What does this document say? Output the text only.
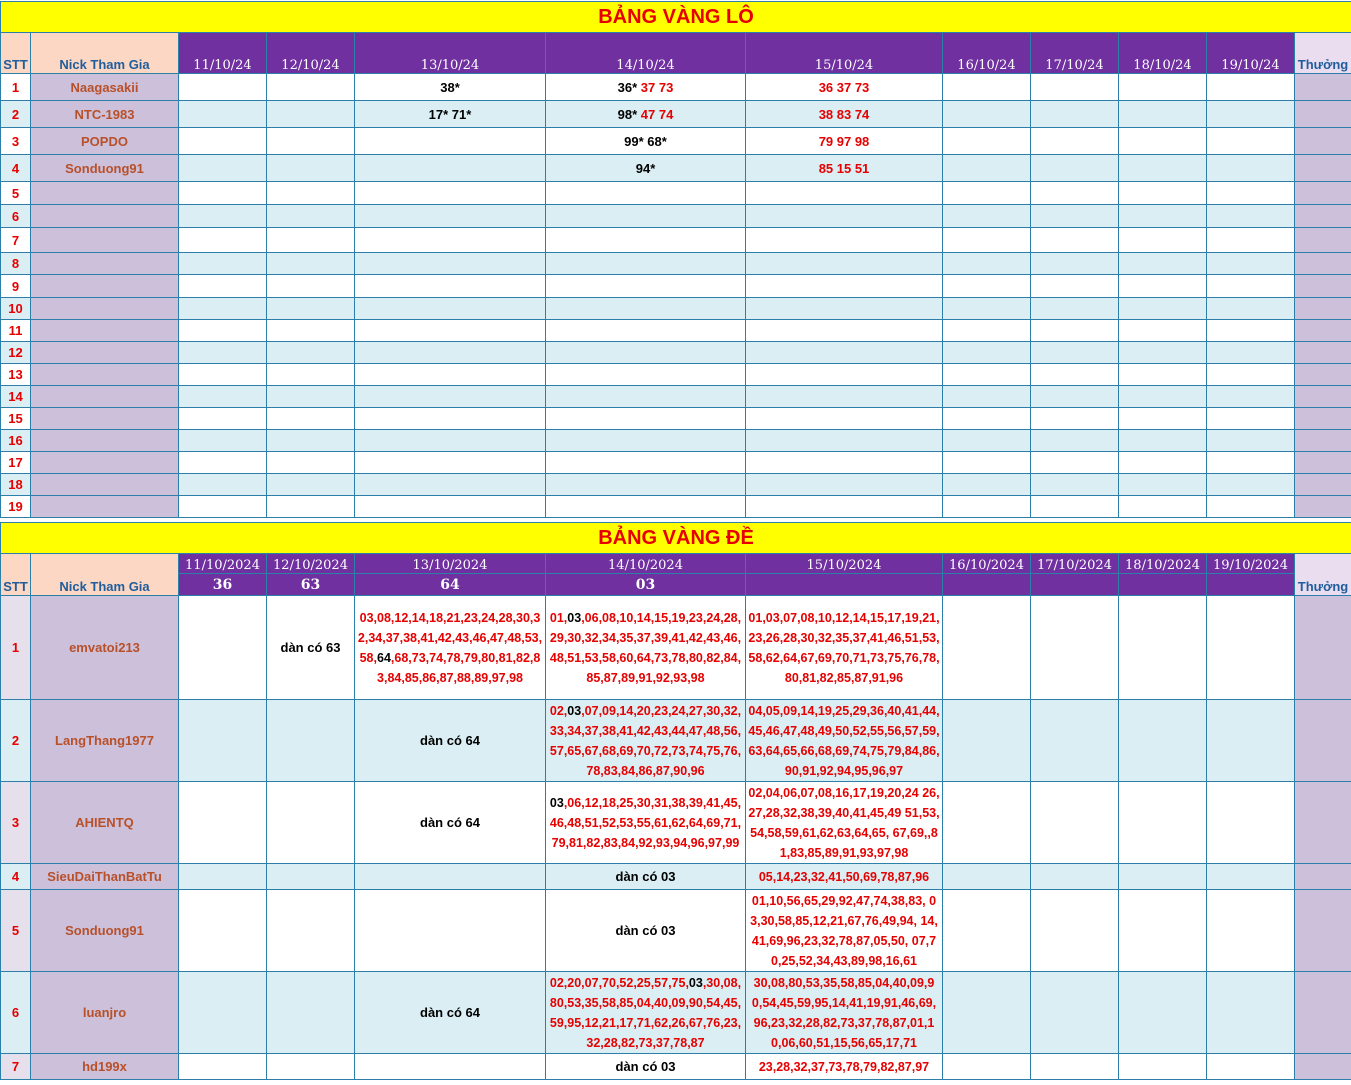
BẢNG VÀNG LÔ											
STT	Nick Tham Gia	11/10/24	12/10/24	13/10/24	14/10/24	15/10/24	16/10/24	17/10/24	18/10/24	19/10/24	Thưởng
1	Naagasakii			38*	36* 37 73	36 37 73					
2	NTC-1983			17* 71*	98* 47 74	38 83 74					
3	POPDO				99* 68*	79 97 98					
4	Sonduong91				94*	85 15 51					
5											
6											
7											
8											
9											
10											
11											
12											
13											
14											
15											
16											
17											
18											
19											
BẢNG VÀNG ĐỀ											
STT	Nick Tham Gia	11/10/2024	12/10/2024	13/10/2024	14/10/2024	15/10/2024	16/10/2024	17/10/2024	18/10/2024	19/10/2024	Thưởng
		36	63	64	03						
1	emvatoi213		dàn có 63	03,08,12,14,18,21,23,24,28,30,32,34,37,38,41,42,43,46,47,48,53,58,64,68,73,74,78,79,80,81,82,83,84,85,86,87,88,89,97,98	01,03,06,08,10,14,15,19,23,24,28,29,30,32,34,35,37,39,41,42,43,46,48,51,53,58,60,64,73,78,80,82,84,85,87,89,91,92,93,98	01,03,07,08,10,12,14,15,17,19,21,23,26,28,30,32,35,37,41,46,51,53,58,62,64,67,69,70,71,73,75,76,78,80,81,82,85,87,91,96					

2	LangThang1977			dàn có 64	02,03,07,09,14,20,23,24,27,30,32,33,34,37,38,41,42,43,44,47,48,56,57,65,67,68,69,70,72,73,74,75,76,78,83,84,86,87,90,96	04,05,09,14,19,25,29,36,40,41,44,45,46,47,48,49,50,52,55,56,57,59,63,64,65,66,68,69,74,75,79,84,86,90,91,92,94,95,96,97					

3	AHIENTQ			dàn có 64	03,06,12,18,25,30,31,38,39,41,45,46,48,51,52,53,55,61,62,64,69,71,79,81,82,83,84,92,93,94,96,97,99	02,04,06,07,08,16,17,19,20,24 26,27,28,32,38,39,40,41,45,49 51,53,54,58,59,61,62,63,64,65, 67,69,,81,83,85,89,91,93,97,98					

4	SieuDaiThanBatTu				dàn có 03	05,14,23,32,41,50,69,78,87,96					

5	Sonduong91				dàn có 03	01,10,56,65,29,92,47,74,38,83, 03,30,58,85,12,21,67,76,49,94, 14,41,69,96,23,32,78,87,05,50, 07,70,25,52,34,43,89,98,16,61					

6	luanjro			dàn có 64	02,20,07,70,52,25,57,75,03,30,08,80,53,35,58,85,04,40,09,90,54,45,59,95,12,21,17,71,62,26,67,76,23,32,28,82,73,37,78,87	30,08,80,53,35,58,85,04,40,09,9 0,54,45,59,95,14,41,19,91,46,69, 96,23,32,28,82,73,37,78,87,01,1 0,06,60,51,15,56,65,17,71					

7	hd199x				dàn có 03	23,28,32,37,73,78,79,82,87,97					
